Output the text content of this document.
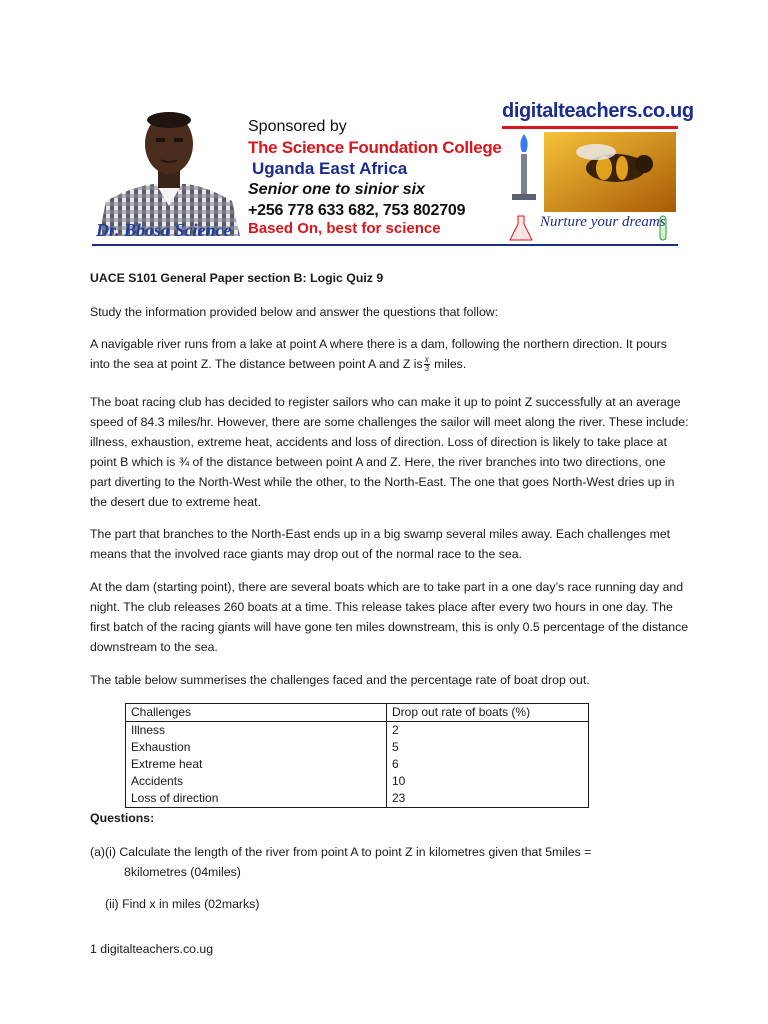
Dr. Bbosa Science
Sponsored by
The Science Foundation College
Uganda East Africa
Senior one to sinior six
+256 778 633 682, 753 802709
Based On, best for science
digitalteachers.co.ug
Nurture your dreams
UACE S101 General Paper section B: Logic Quiz 9
Study the information provided below and answer the questions that follow:
A navigable river runs from a lake at point A where there is a dam, following the northern direction. It pours into the sea at point Z. The distance between point A and Z is $\frac{x}{3}$ miles.
The boat racing club has decided to register sailors who can make it up to point Z successfully at an average speed of 84.3 miles/hr. However, there are some challenges the sailor will meet along the river. These include: illness, exhaustion, extreme heat, accidents and loss of direction. Loss of direction is likely to take place at point B which is ¾ of the distance between point A and Z. Here, the river branches into two directions, one part diverting to the North-West while the other, to the North-East. The one that goes North-West dries up in the desert due to extreme heat.
The part that branches to the North-East ends up in a big swamp several miles away. Each challenges met means that the involved race giants may drop out of the normal race to the sea.
At the dam (starting point), there are several boats which are to take part in a one day’s race running day and night. The club releases 260 boats at a time. This release takes place after every two hours in one day. The first batch of the racing giants will have gone ten miles downstream, this is only 0.5 percentage of the distance downstream to the sea.
The table below summerises the challenges faced and the percentage rate of boat drop out.
Challenges	Drop out rate of boats (%)
Illness	2
Exhaustion	5
Extreme heat	6
Accidents	10
Loss of direction	23
Questions:
(a)(i) Calculate the length of the river from point A to point Z in kilometres given that 5miles =
8kilometres (04miles)
(ii) Find x in miles (02marks)
1 digitalteachers.co.ug
